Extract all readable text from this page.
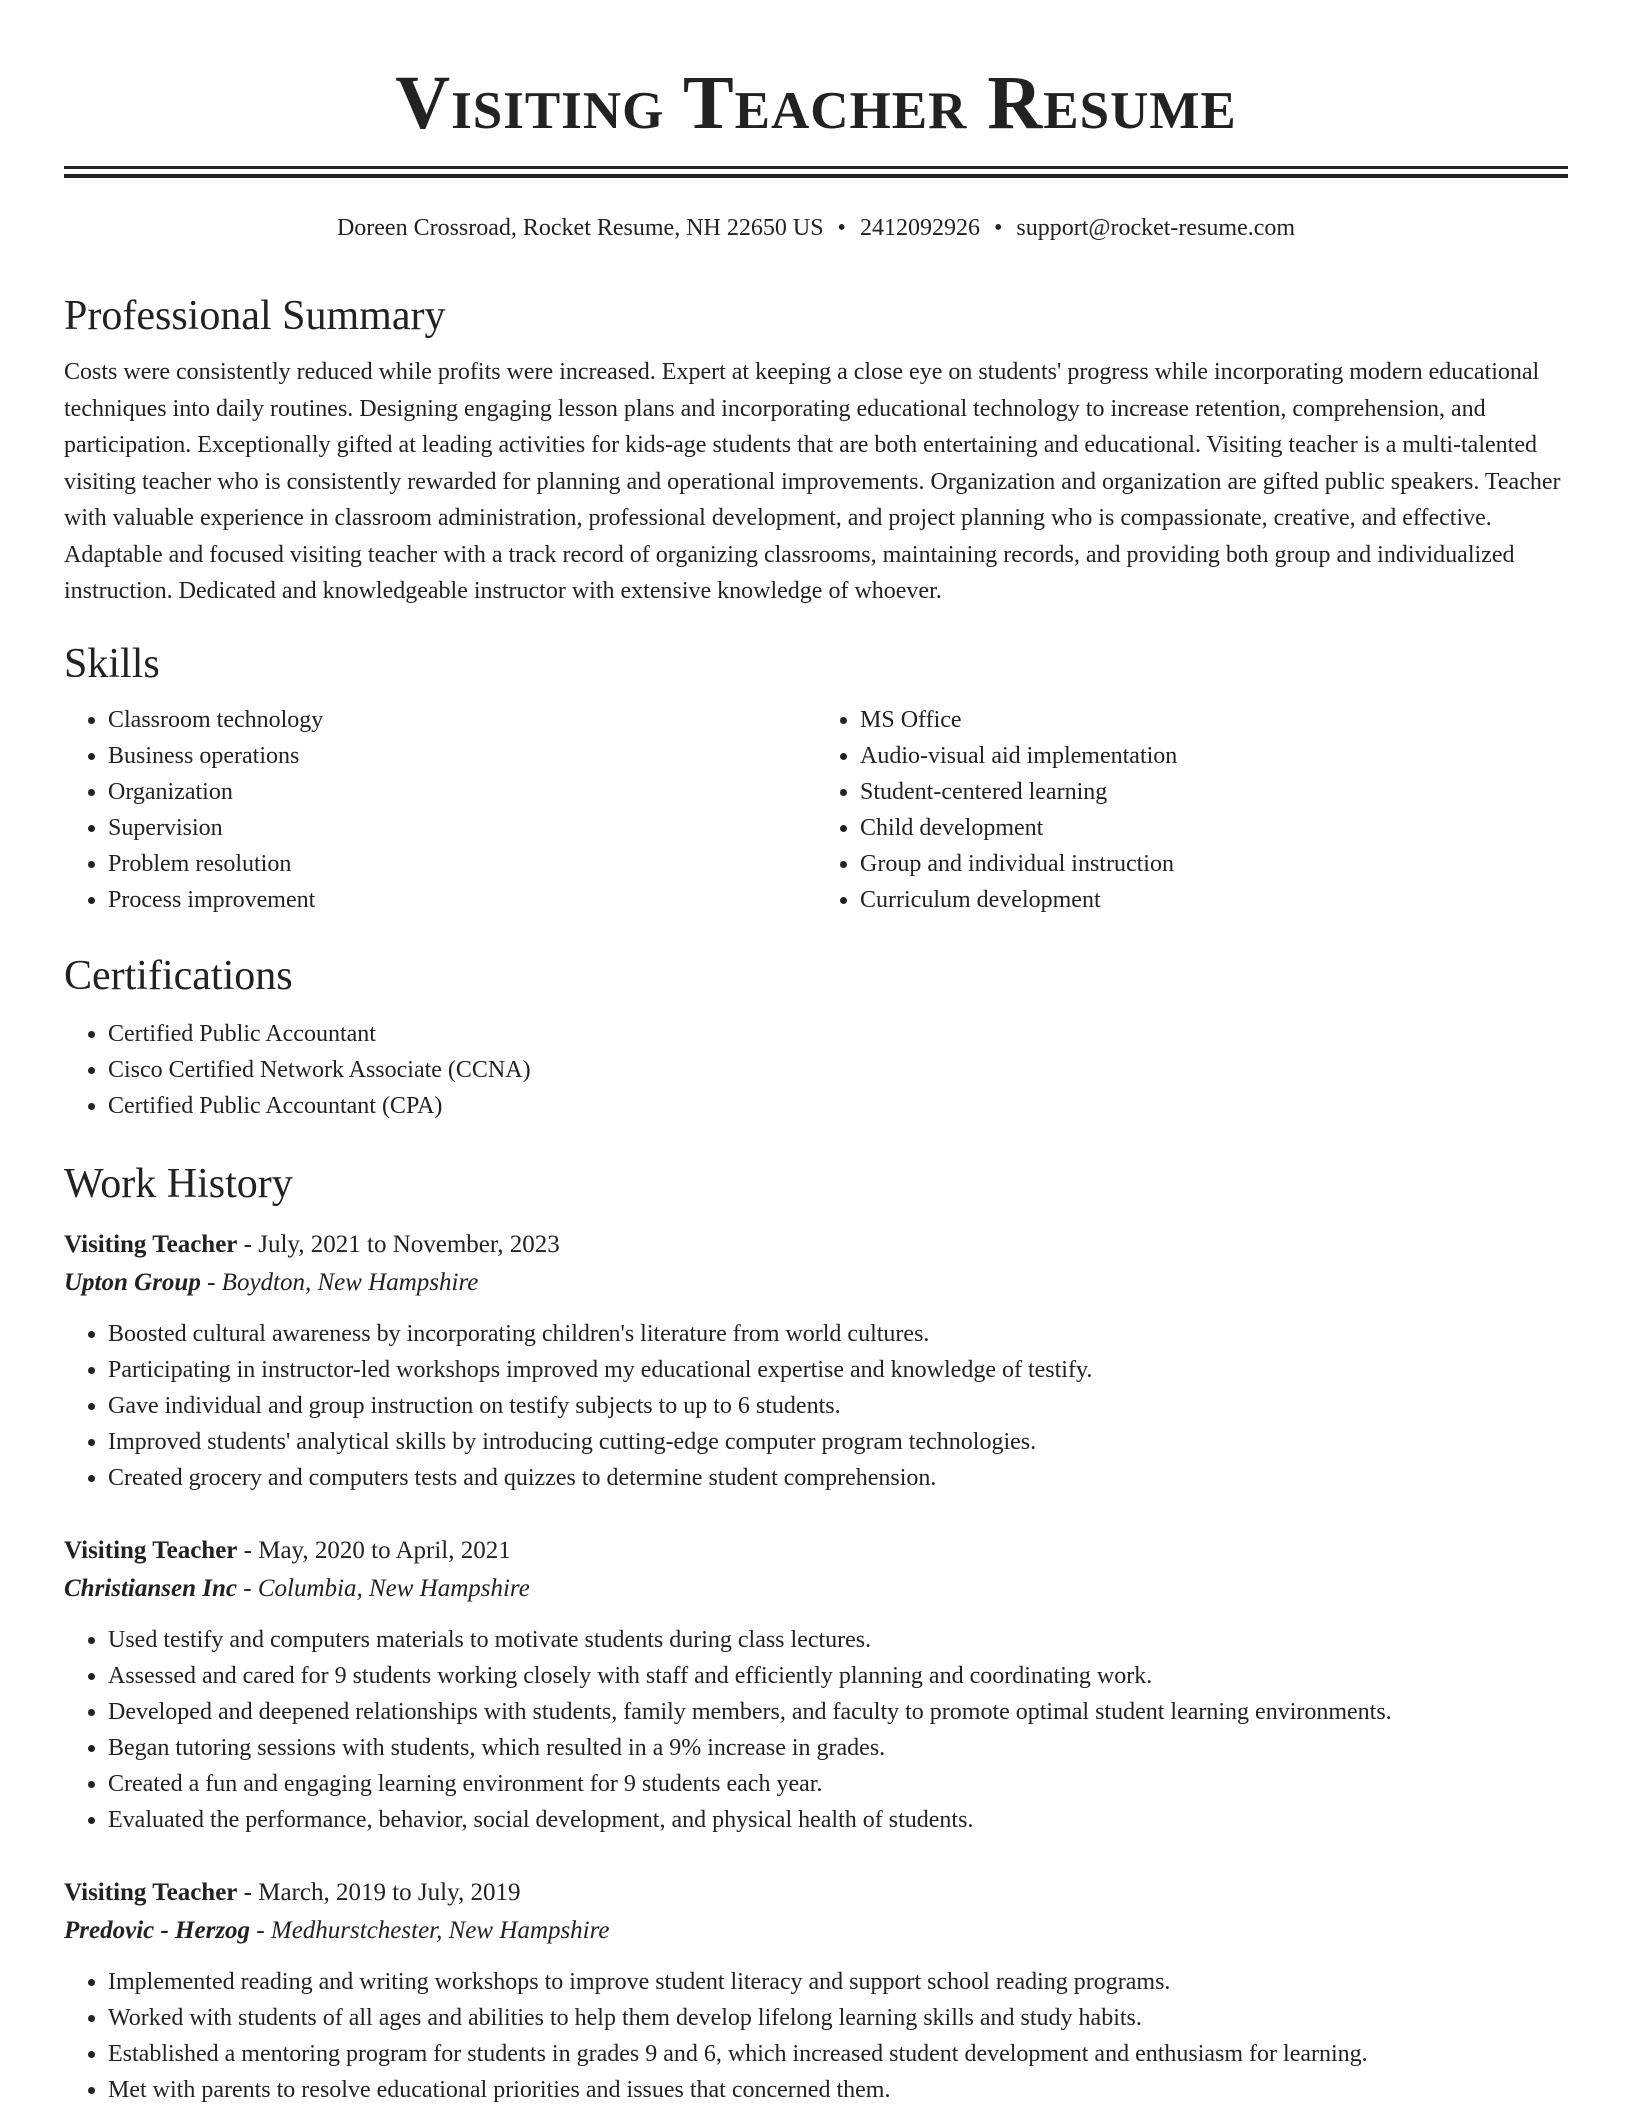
Visiting Teacher Resume
Doreen Crossroad, Rocket Resume, NH 22650 US • 2412092926 • support@rocket-resume.com
Professional Summary
Costs were consistently reduced while profits were increased. Expert at keeping a close eye on students' progress while incorporating modern educational techniques into daily routines. Designing engaging lesson plans and incorporating educational technology to increase retention, comprehension, and participation. Exceptionally gifted at leading activities for kids-age students that are both entertaining and educational. Visiting teacher is a multi-talented visiting teacher who is consistently rewarded for planning and operational improvements. Organization and organization are gifted public speakers. Teacher with valuable experience in classroom administration, professional development, and project planning who is compassionate, creative, and effective. Adaptable and focused visiting teacher with a track record of organizing classrooms, maintaining records, and providing both group and individualized instruction. Dedicated and knowledgeable instructor with extensive knowledge of whoever.
Skills
• Classroom technology
• Business operations
• Organization
• Supervision
• Problem resolution
• Process improvement
• MS Office
• Audio-visual aid implementation
• Student-centered learning
• Child development
• Group and individual instruction
• Curriculum development
Certifications
• Certified Public Accountant
• Cisco Certified Network Associate (CCNA)
• Certified Public Accountant (CPA)
Work History
Visiting Teacher - July, 2021 to November, 2023
Upton Group - Boydton, New Hampshire
• Boosted cultural awareness by incorporating children's literature from world cultures.
• Participating in instructor-led workshops improved my educational expertise and knowledge of testify.
• Gave individual and group instruction on testify subjects to up to 6 students.
• Improved students' analytical skills by introducing cutting-edge computer program technologies.
• Created grocery and computers tests and quizzes to determine student comprehension.
Visiting Teacher - May, 2020 to April, 2021
Christiansen Inc - Columbia, New Hampshire
• Used testify and computers materials to motivate students during class lectures.
• Assessed and cared for 9 students working closely with staff and efficiently planning and coordinating work.
• Developed and deepened relationships with students, family members, and faculty to promote optimal student learning environments.
• Began tutoring sessions with students, which resulted in a 9% increase in grades.
• Created a fun and engaging learning environment for 9 students each year.
• Evaluated the performance, behavior, social development, and physical health of students.
Visiting Teacher - March, 2019 to July, 2019
Predovic - Herzog - Medhurstchester, New Hampshire
• Implemented reading and writing workshops to improve student literacy and support school reading programs.
• Worked with students of all ages and abilities to help them develop lifelong learning skills and study habits.
• Established a mentoring program for students in grades 9 and 6, which increased student development and enthusiasm for learning.
• Met with parents to resolve educational priorities and issues that concerned them.
